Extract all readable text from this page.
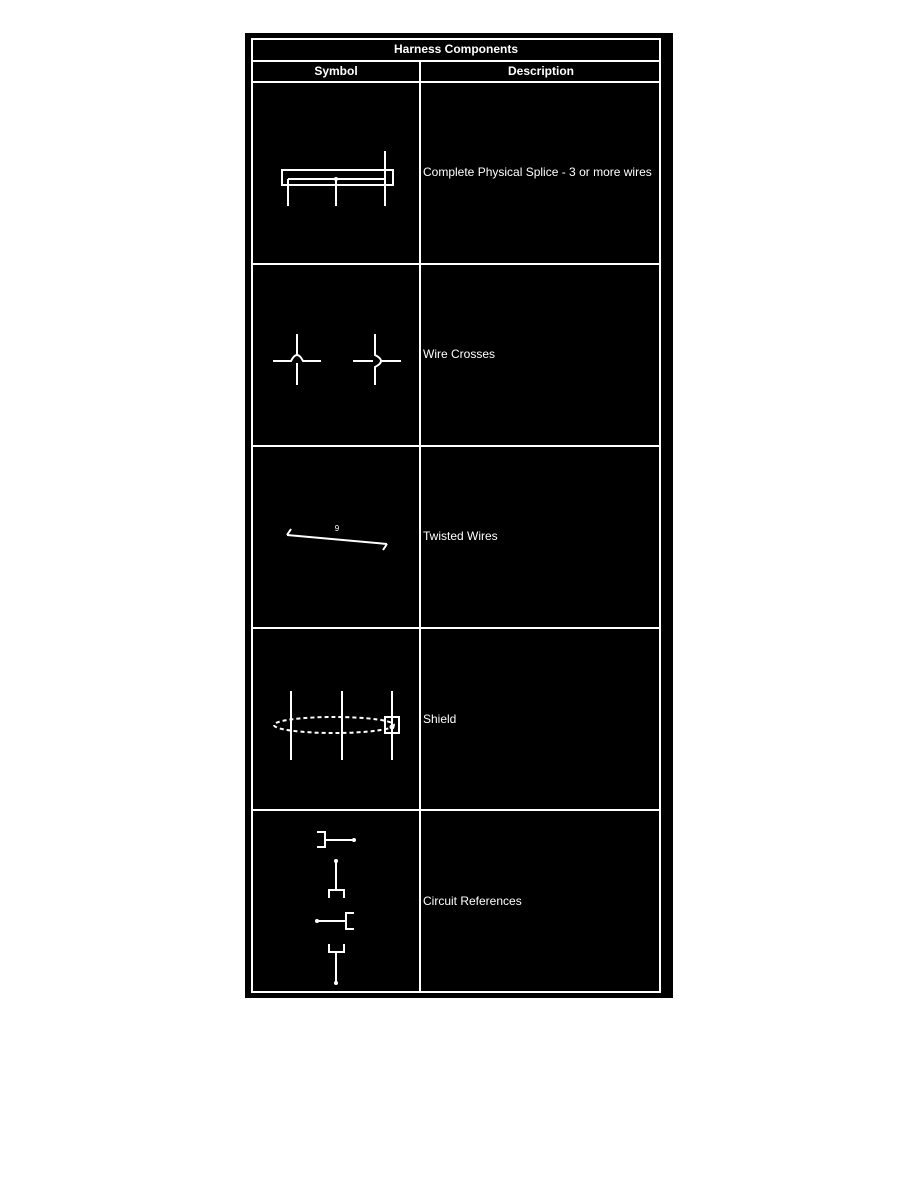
Harness Components
Symbol	Description
Complete Physical Splice - 3 or more wires
Wire Crosses
9
Twisted Wires
Shield
Circuit References
